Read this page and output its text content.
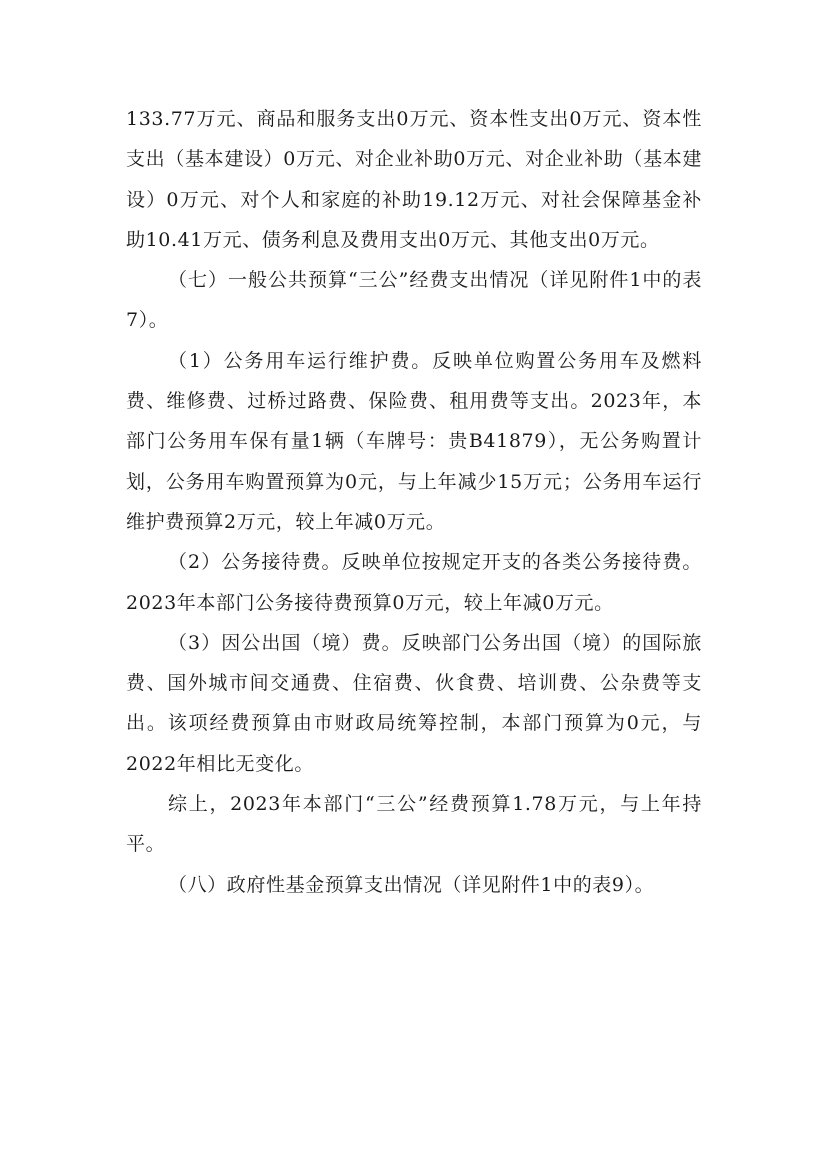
133.77万元、商品和服务支出0万元、资本性支出0万元、资本性支出（基本建设）0万元、对企业补助0万元、对企业补助（基本建设）0万元、对个人和家庭的补助19.12万元、对社会保障基金补助10.41万元、债务利息及费用支出0万元、其他支出0万元。

（七）一般公共预算“三公”经费支出情况（详见附件1中的表7）。

（1）公务用车运行维护费。反映单位购置公务用车及燃料费、维修费、过桥过路费、保险费、租用费等支出。2023年，本部门公务用车保有量1辆（车牌号：贵B41879），无公务购置计划，公务用车购置预算为0元，与上年减少15万元；公务用车运行维护费预算2万元，较上年减0万元。

（2）公务接待费。反映单位按规定开支的各类公务接待费。2023年本部门公务接待费预算0万元，较上年减0万元。

（3）因公出国（境）费。反映部门公务出国（境）的国际旅费、国外城市间交通费、住宿费、伙食费、培训费、公杂费等支出。该项经费预算由市财政局统筹控制，本部门预算为0元，与2022年相比无变化。

综上，2023年本部门“三公”经费预算1.78万元，与上年持平。

（八）政府性基金预算支出情况（详见附件1中的表9）。
